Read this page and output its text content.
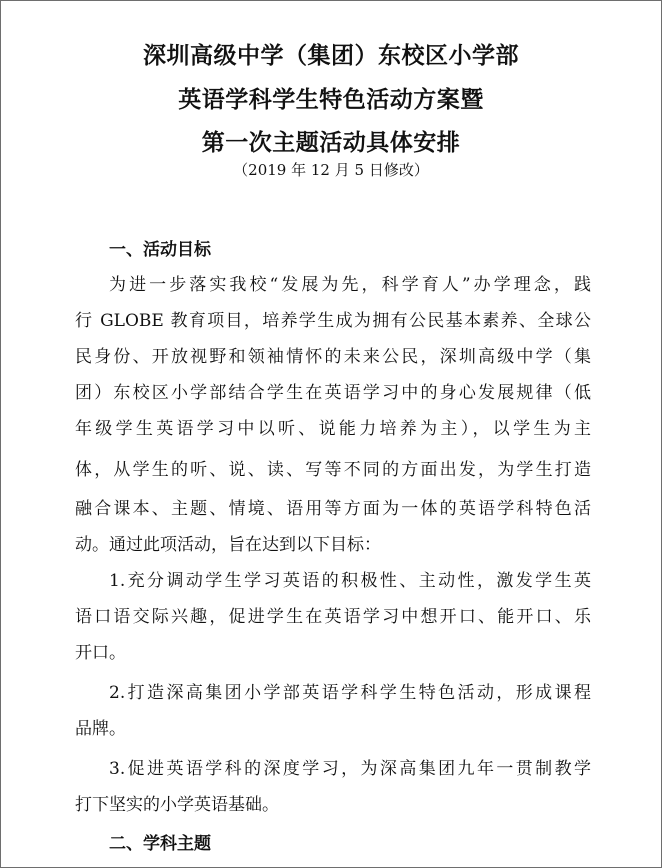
深圳高级中学（集团）东校区小学部
英语学科学生特色活动方案暨
第一次主题活动具体安排
（2019 年 12 月 5 日修改）
一、活动目标
为进一步落实我校“发展为先，科学育人”办学理念，践
行 GLOBE 教育项目，培养学生成为拥有公民基本素养、全球公
民身份、开放视野和领袖情怀的未来公民，深圳高级中学（集
团）东校区小学部结合学生在英语学习中的身心发展规律（低
年级学生英语学习中以听、说能力培养为主），以学生为主
体，从学生的听、说、读、写等不同的方面出发，为学生打造
融合课本、主题、情境、语用等方面为一体的英语学科特色活
动。通过此项活动，旨在达到以下目标：
1.充分调动学生学习英语的积极性、主动性，激发学生英
语口语交际兴趣，促进学生在英语学习中想开口、能开口、乐
开口。
2.打造深高集团小学部英语学科学生特色活动，形成课程
品牌。
3.促进英语学科的深度学习，为深高集团九年一贯制教学
打下坚实的小学英语基础。
二、学科主题
